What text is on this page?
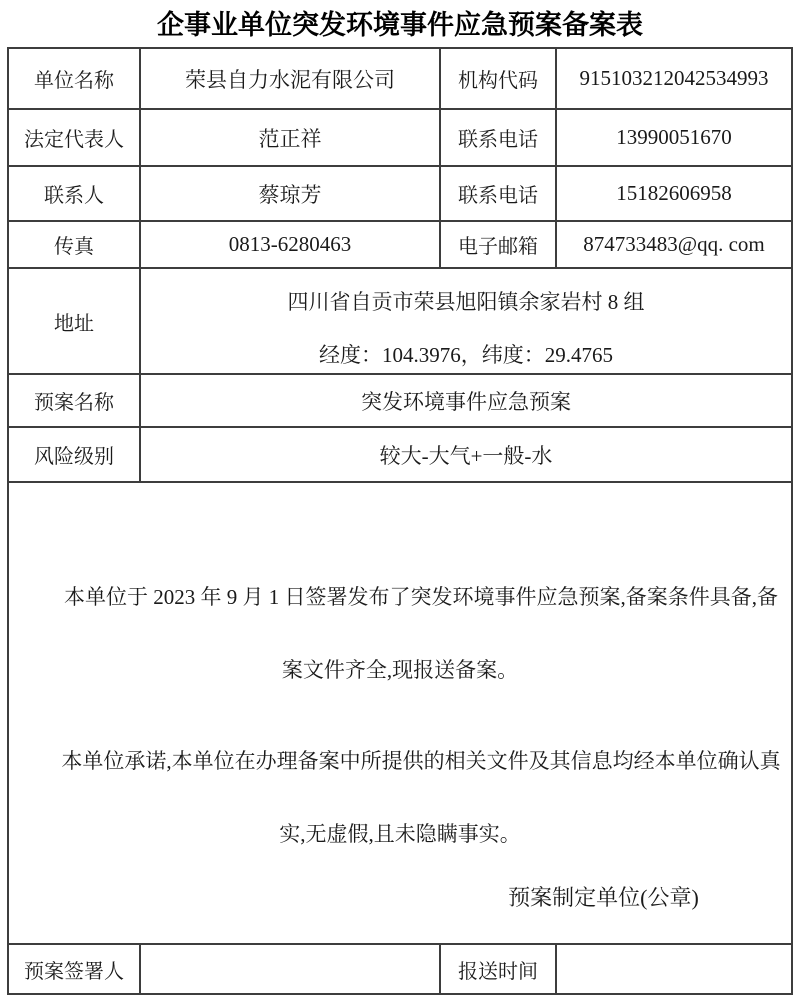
企事业单位突发环境事件应急预案备案表
单位名称	荣县自力水泥有限公司	机构代码	915103212042534993
法定代表人	范正祥	联系电话	13990051670
联系人	蔡琼芳	联系电话	15182606958
传真	0813-6280463	电子邮箱	874733483@qq. com
地址	四川省自贡市荣县旭阳镇余家岩村 8 组
经度：104.3976，纬度：29.4765		

预案名称	突发环境事件应急预案		
风险级别	较大-大气+一般-水		

本单位于 2023 年 9 月 1 日签署发布了突发环境事件应急预案,备案条件具备,备案文件齐全,现报送备案。

本单位承诺,本单位在办理备案中所提供的相关文件及其信息均经本单位确认真实,无虚假,且未隐瞒事实。

预案制定单位(公章)			

预案签署人		报送时间	
